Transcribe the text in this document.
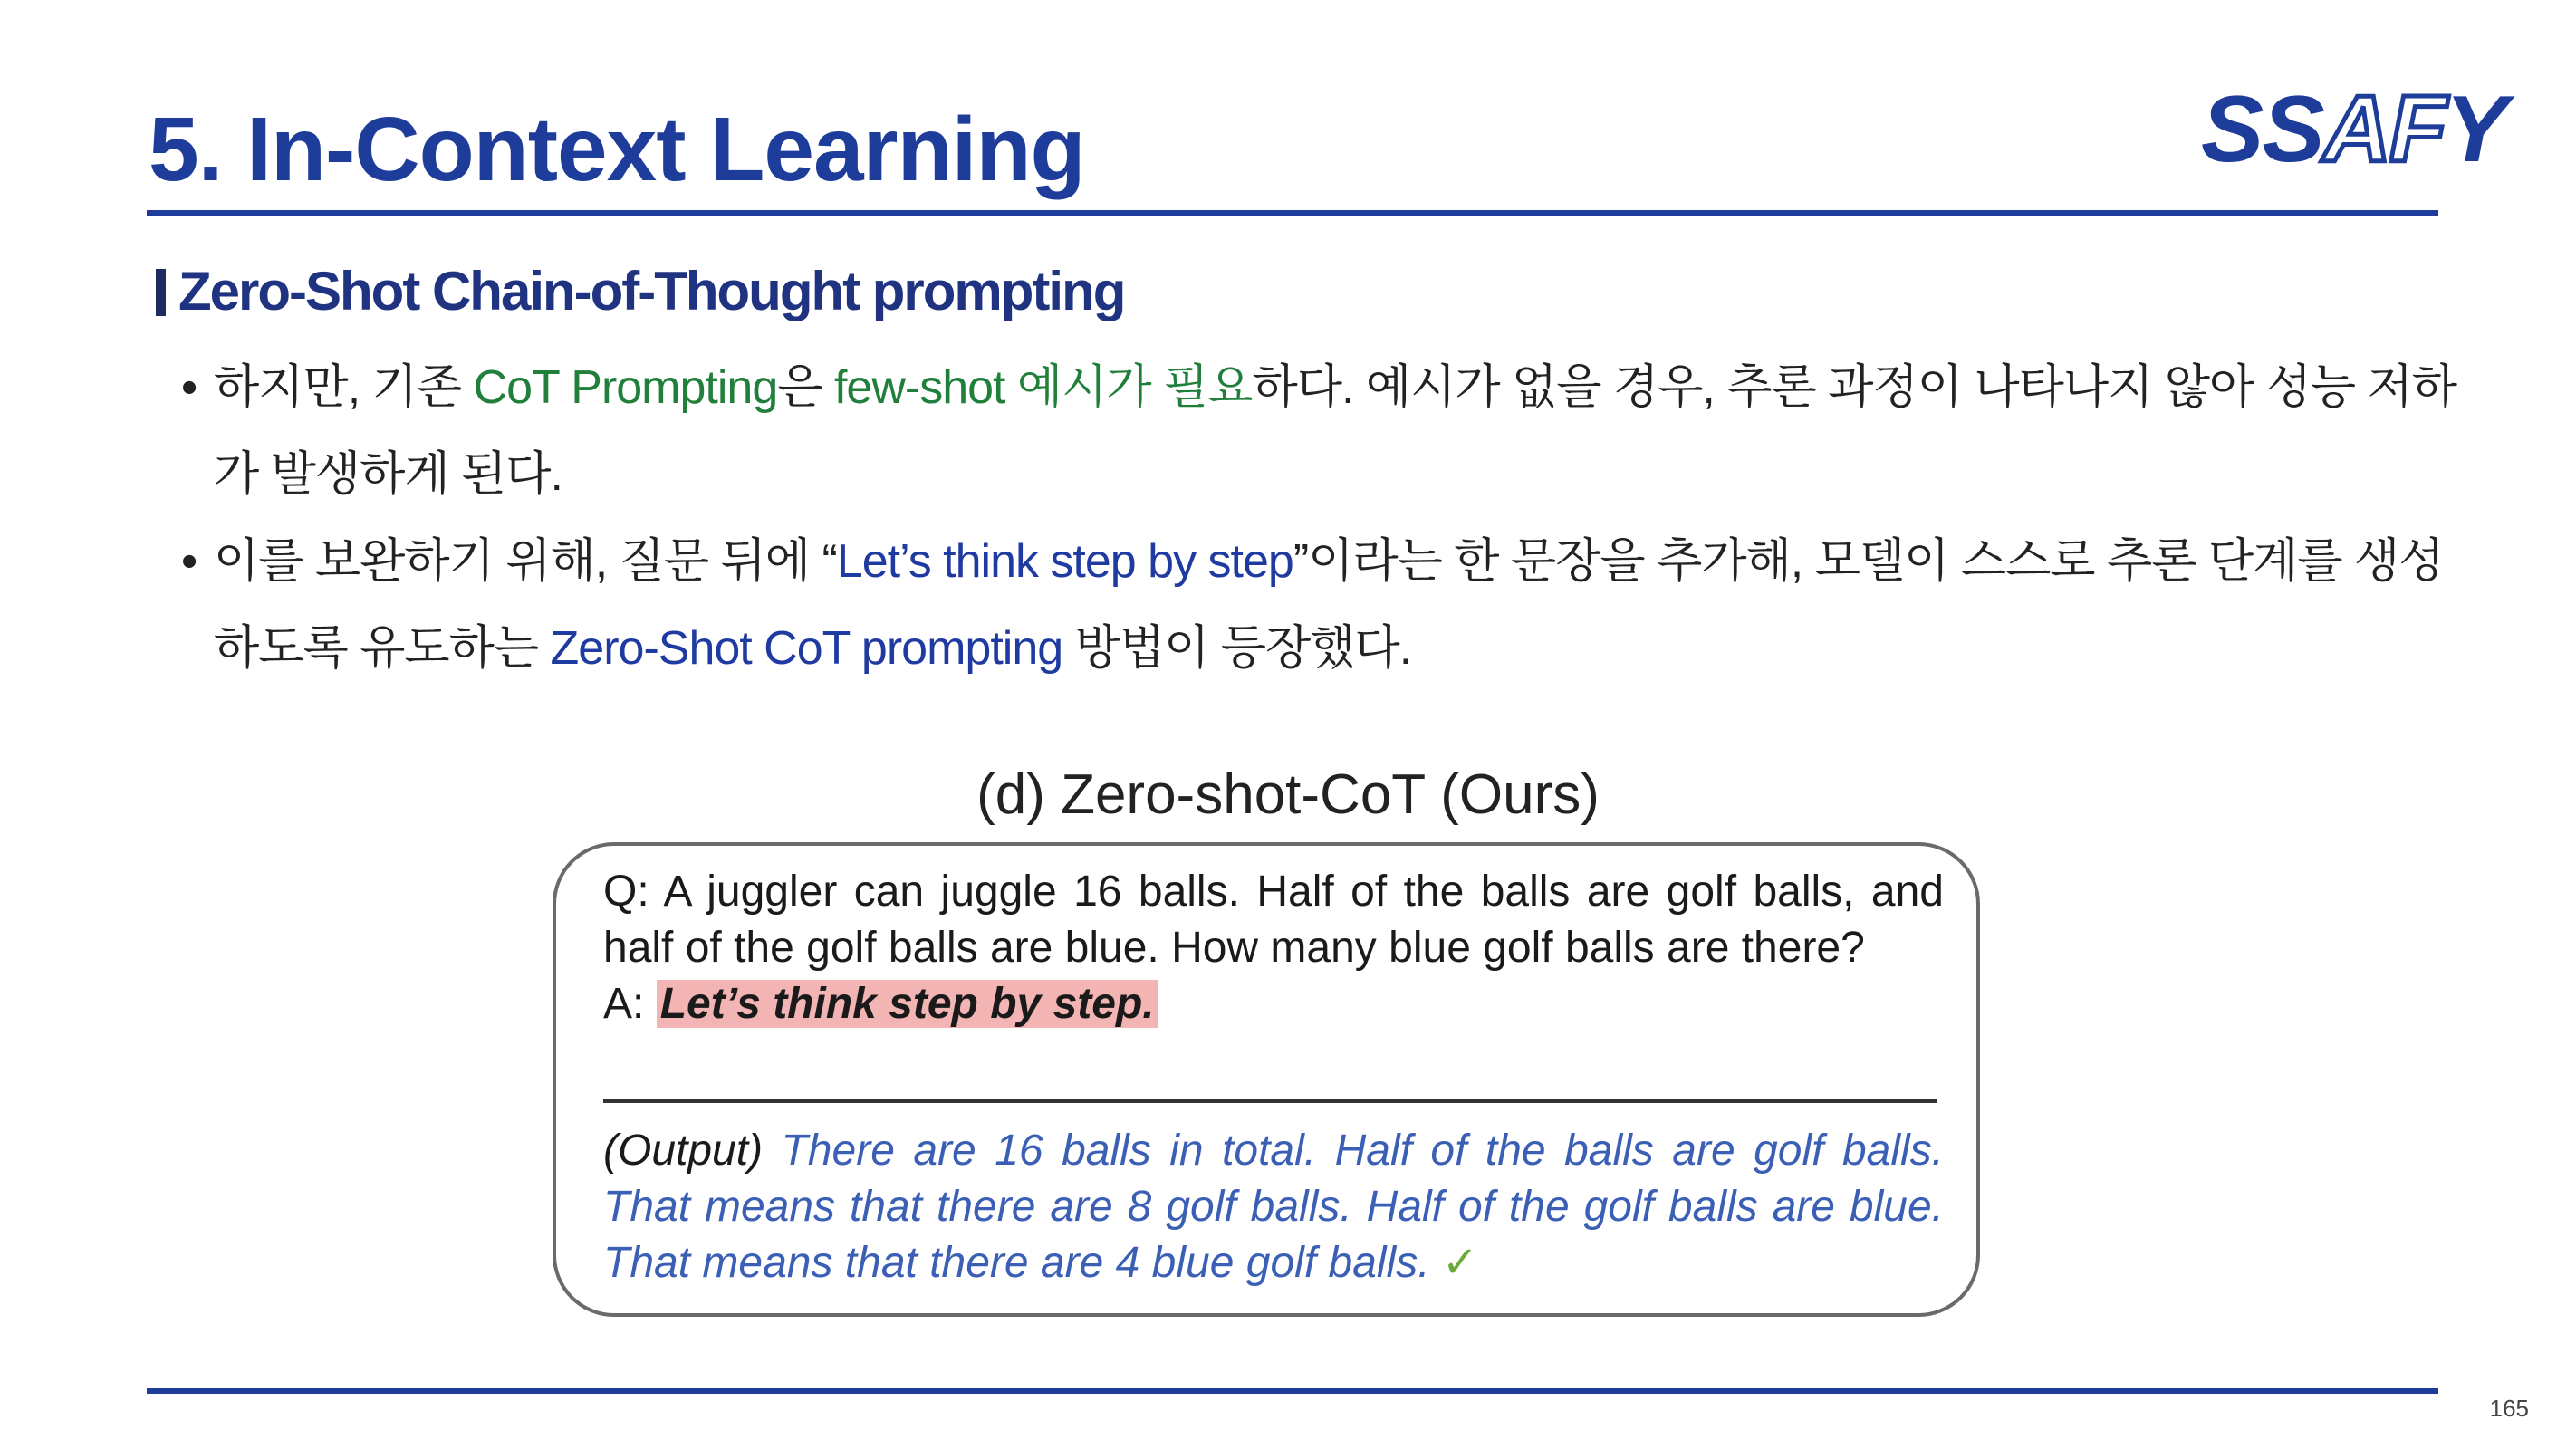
5. In-Context Learning	SSAFY
Zero-Shot Chain-of-Thought prompting
• 하지만, 기존 CoT Prompting은 few-shot 예시가 필요하다. 예시가 없을 경우, 추론 과정이 나타나지 않아 성능 저하가 발생하게 된다.
• 이를 보완하기 위해, 질문 뒤에 “Let’s think step by step”이라는 한 문장을 추가해, 모델이 스스로 추론 단계를 생성하도록 유도하는 Zero-Shot CoT prompting 방법이 등장했다.
(d) Zero-shot-CoT (Ours)

Q: A juggler can juggle 16 balls. Half of the balls are golf balls, and half of the golf balls are blue. How many blue golf balls are there?
A: Let’s think step by step.

(Output) There are 16 balls in total. Half of the balls are golf balls. That means that there are 8 golf balls. Half of the golf balls are blue. That means that there are 4 blue golf balls. ✓

165
